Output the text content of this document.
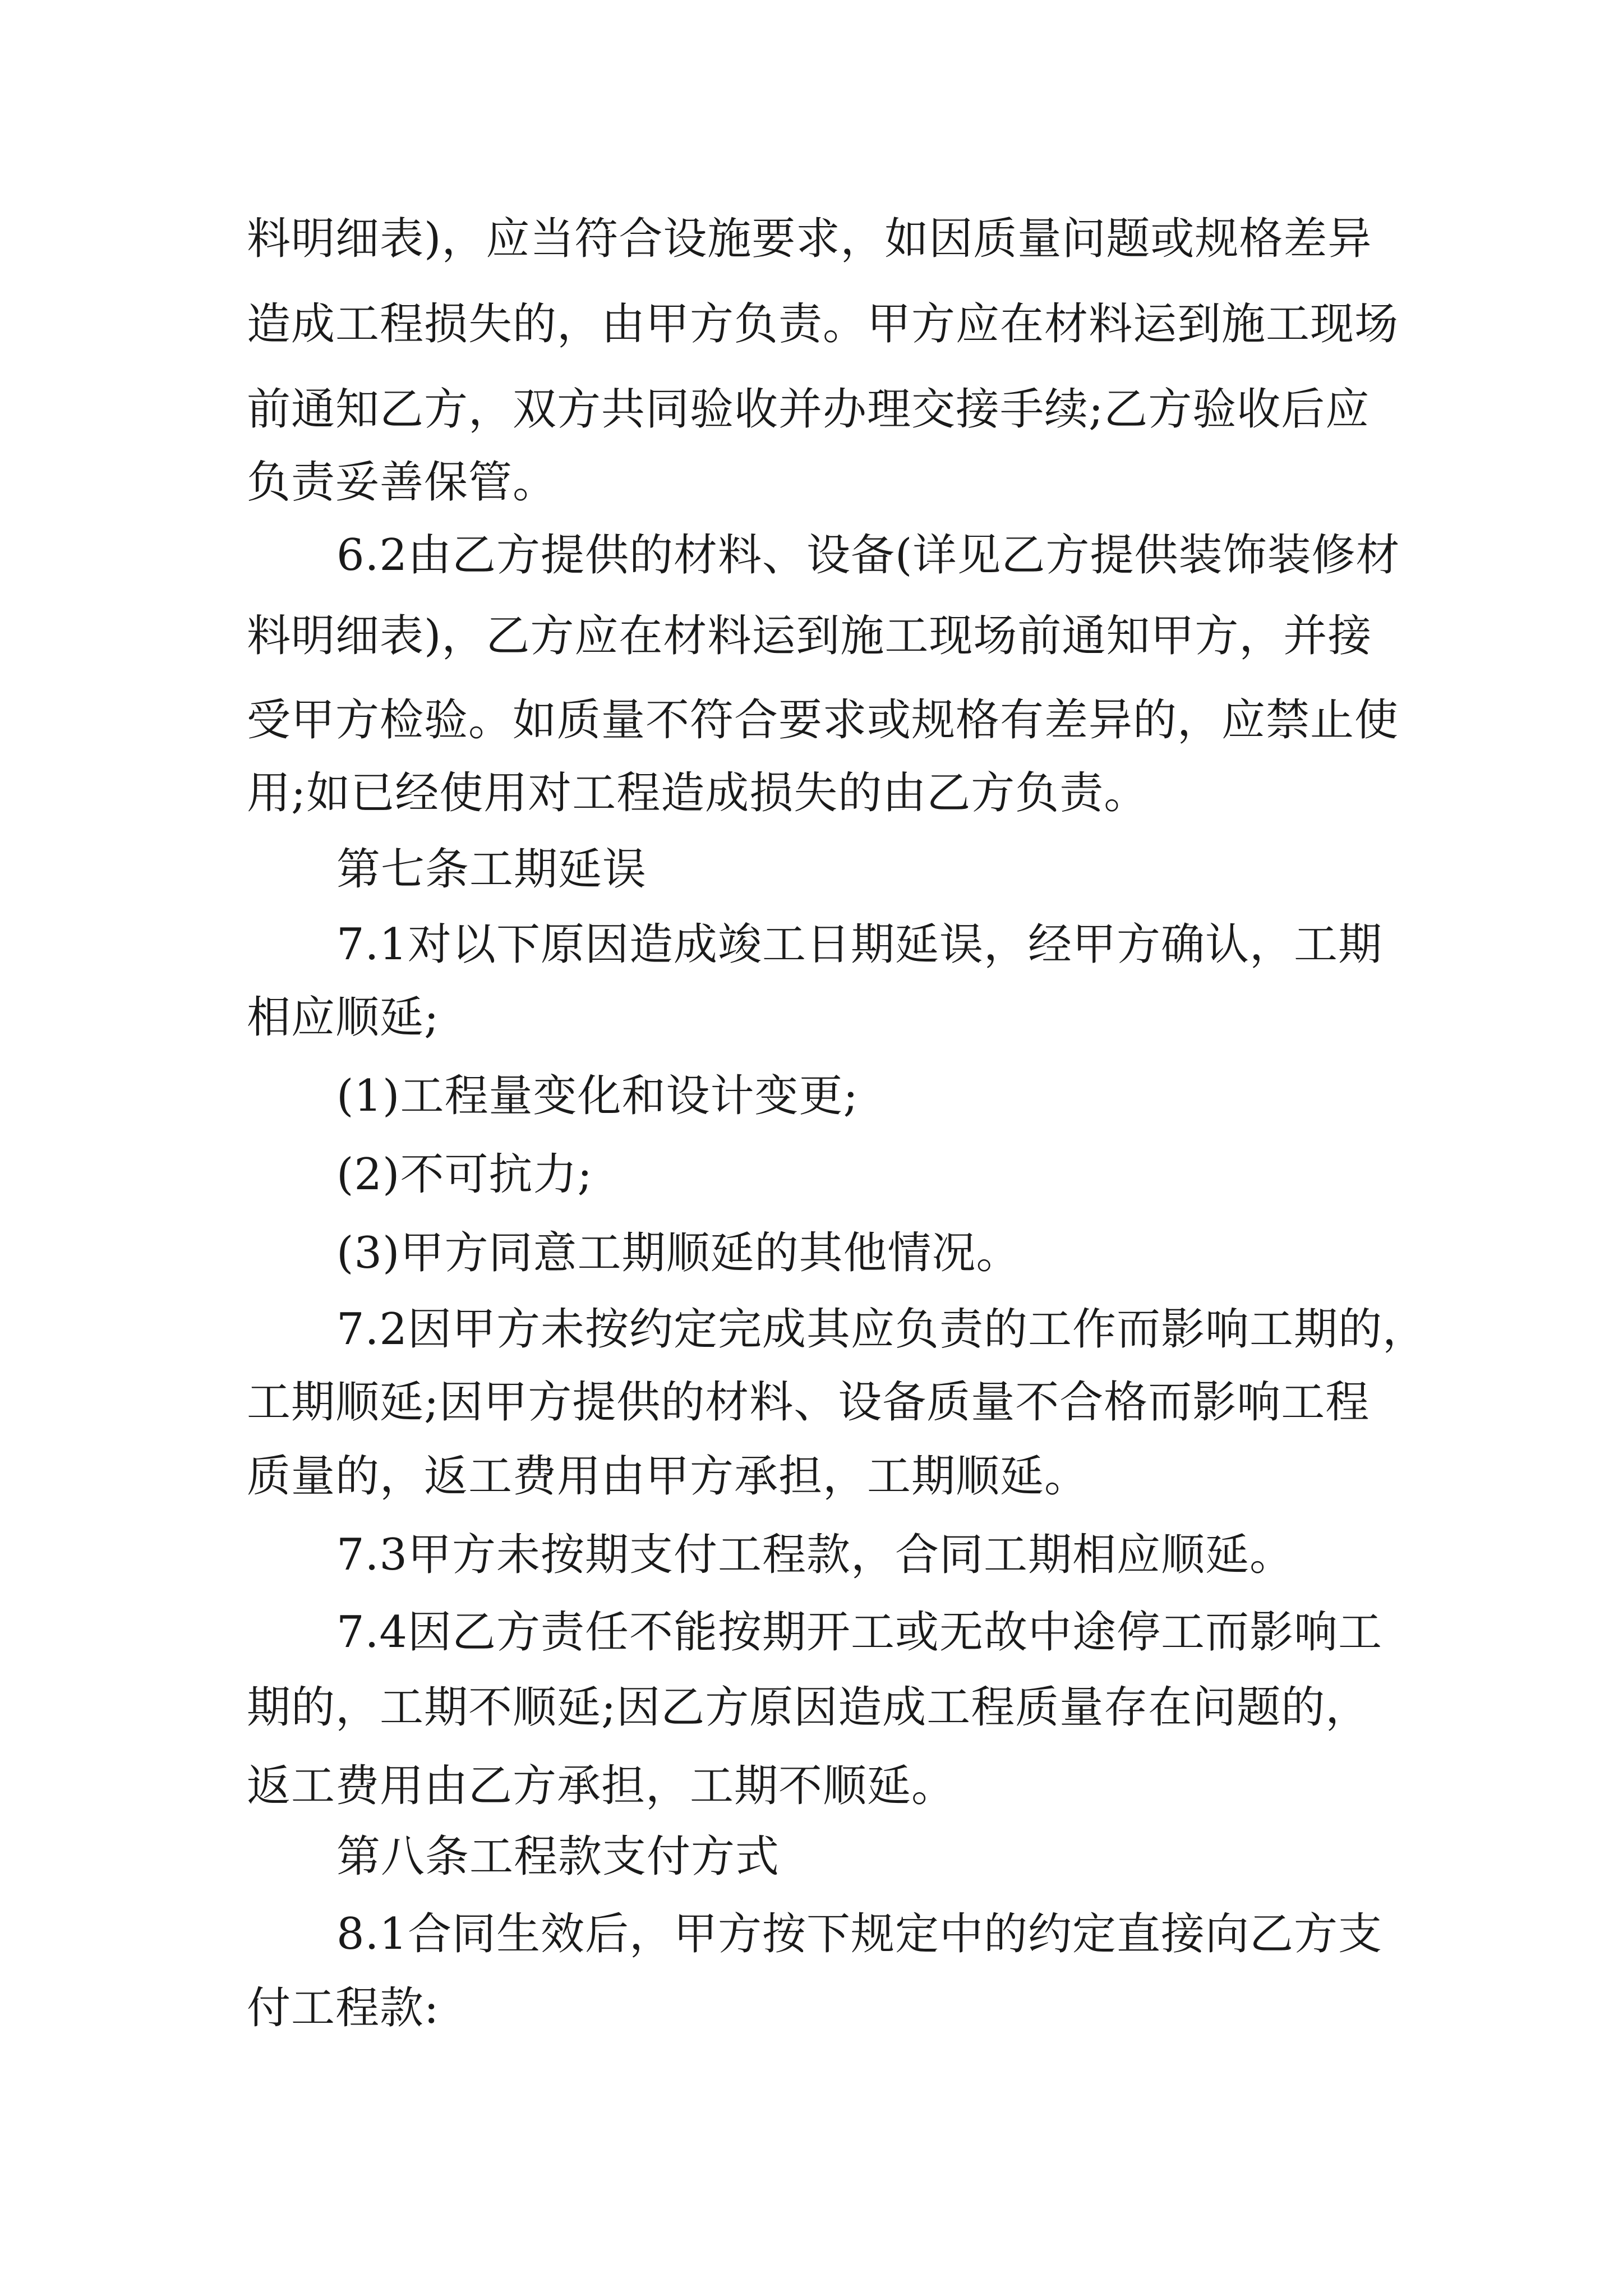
料明细表)，应当符合设施要求，如因质量问题或规格差异

造成工程损失的，由甲方负责。甲方应在材料运到施工现场

前通知乙方，双方共同验收并办理交接手续;乙方验收后应

负责妥善保管。

6.2由乙方提供的材料、设备(详见乙方提供装饰装修材

料明细表)，乙方应在材料运到施工现场前通知甲方，并接

受甲方检验。如质量不符合要求或规格有差异的，应禁止使

用;如已经使用对工程造成损失的由乙方负责。

第七条工期延误

7.1对以下原因造成竣工日期延误，经甲方确认，工期

相应顺延;

(1)工程量变化和设计变更;

(2)不可抗力;

(3)甲方同意工期顺延的其他情况。

7.2因甲方未按约定完成其应负责的工作而影响工期的，

工期顺延;因甲方提供的材料、设备质量不合格而影响工程

质量的，返工费用由甲方承担，工期顺延。

7.3甲方未按期支付工程款，合同工期相应顺延。

7.4因乙方责任不能按期开工或无故中途停工而影响工

期的，工期不顺延;因乙方原因造成工程质量存在问题的，

返工费用由乙方承担，工期不顺延。

第八条工程款支付方式

8.1合同生效后，甲方按下规定中的约定直接向乙方支

付工程款:
